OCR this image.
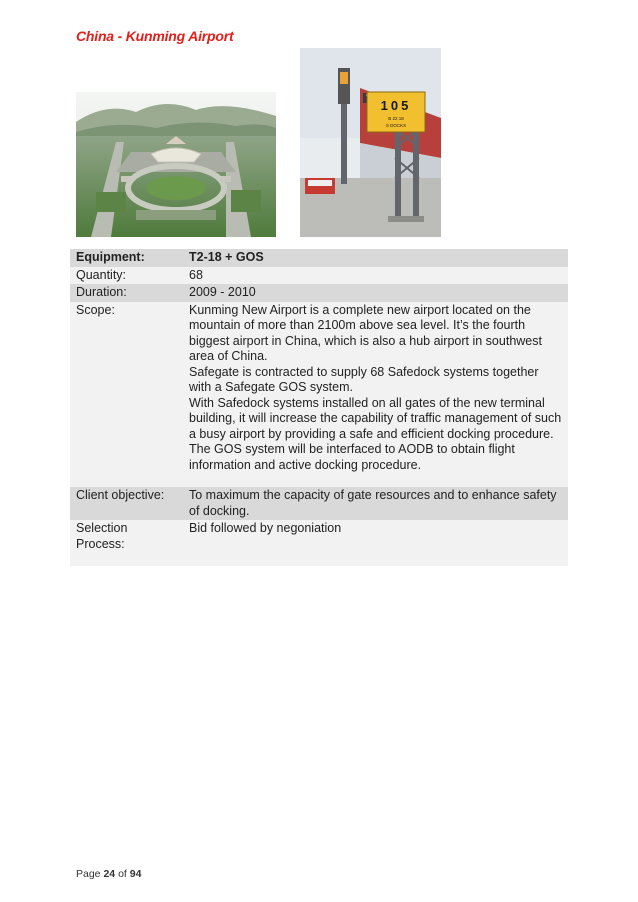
China - Kunming Airport
105
B 22 18
S DOCKS
Equipment:	T2-18 + GOS
Quantity:	68
Duration:	2009 - 2010
Scope:	Kunming New Airport is a complete new airport located on the mountain of more than 2100m above sea level. It’s the fourth biggest airport in China, which is also a hub airport in southwest area of China.
Safegate is contracted to supply 68 Safedock systems together with a Safegate GOS system.
With Safedock systems installed on all gates of the new terminal building, it will increase the capability of traffic management of such a busy airport by providing a safe and efficient docking procedure.
The GOS system will be interfaced to AODB to obtain flight information and active docking procedure.

Client objective:	To maximum the capacity of gate resources and to enhance safety of docking.
Selection Process:	Bid followed by negoniation
Page 24 of 94
